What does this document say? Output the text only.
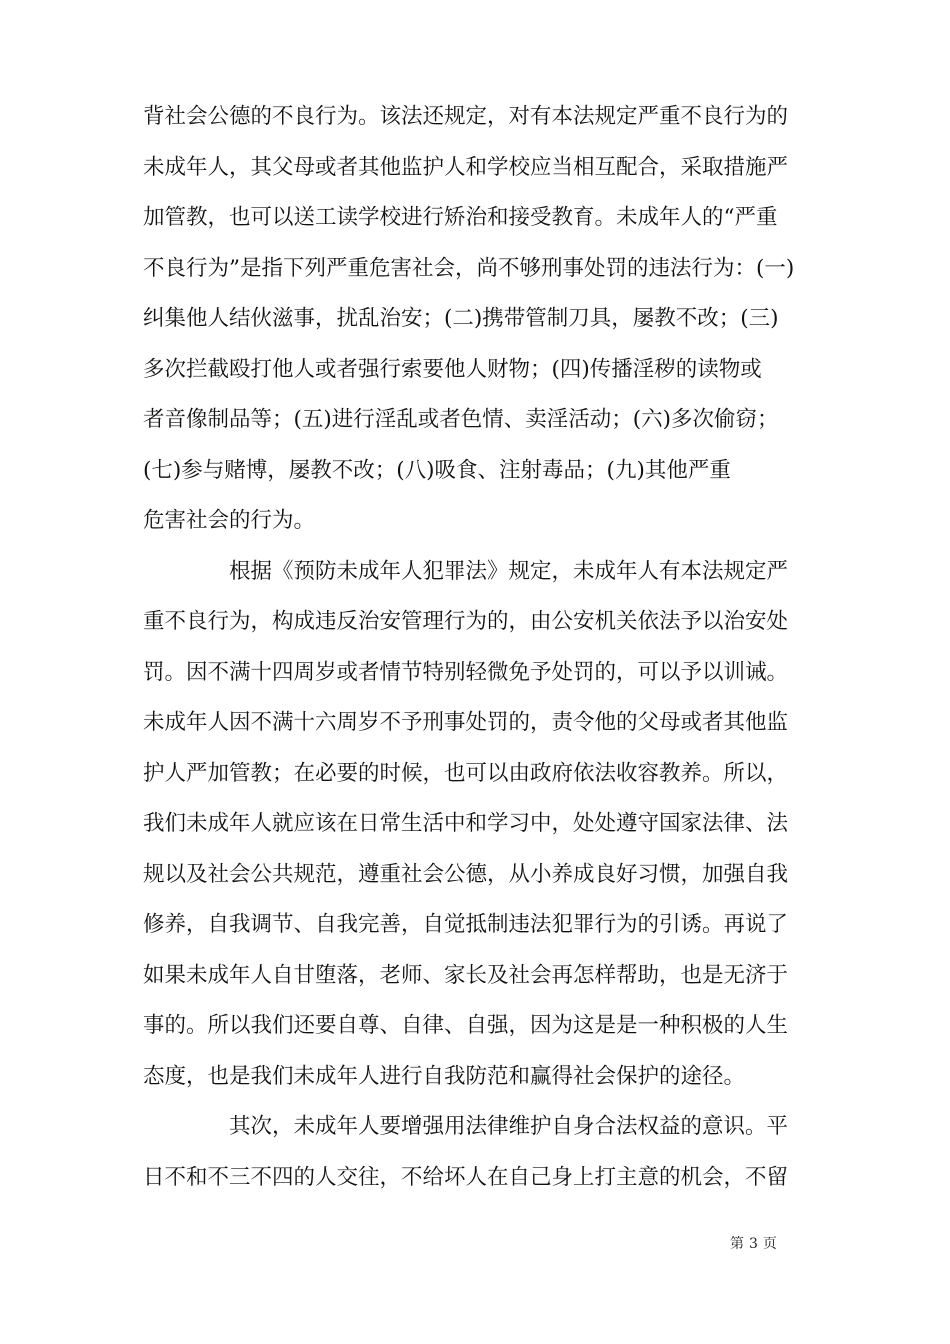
背社会公德的不良行为。该法还规定，对有本法规定严重不良行为的
未成年人，其父母或者其他监护人和学校应当相互配合，采取措施严
加管教，也可以送工读学校进行矫治和接受教育。未成年人的“严重
不良行为”是指下列严重危害社会，尚不够刑事处罚的违法行为：(一)
纠集他人结伙滋事，扰乱治安；(二)携带管制刀具，屡教不改；(三)
多次拦截殴打他人或者强行索要他人财物；(四)传播淫秽的读物或
者音像制品等；(五)进行淫乱或者色情、卖淫活动；(六)多次偷窃；
(七)参与赌博，屡教不改；(八)吸食、注射毒品；(九)其他严重
危害社会的行为。
根据《预防未成年人犯罪法》规定，未成年人有本法规定严
重不良行为，构成违反治安管理行为的，由公安机关依法予以治安处
罚。因不满十四周岁或者情节特别轻微免予处罚的，可以予以训诫。
未成年人因不满十六周岁不予刑事处罚的，责令他的父母或者其他监
护人严加管教；在必要的时候，也可以由政府依法收容教养。所以，
我们未成年人就应该在日常生活中和学习中，处处遵守国家法律、法
规以及社会公共规范，遵重社会公德，从小养成良好习惯，加强自我
修养，自我调节、自我完善，自觉抵制违法犯罪行为的引诱。再说了
如果未成年人自甘堕落，老师、家长及社会再怎样帮助，也是无济于
事的。所以我们还要自尊、自律、自强，因为这是是一种积极的人生
态度，也是我们未成年人进行自我防范和赢得社会保护的途径。
其次，未成年人要增强用法律维护自身合法权益的意识。平
日不和不三不四的人交往，不给坏人在自己身上打主意的机会，不留
第 3 页
